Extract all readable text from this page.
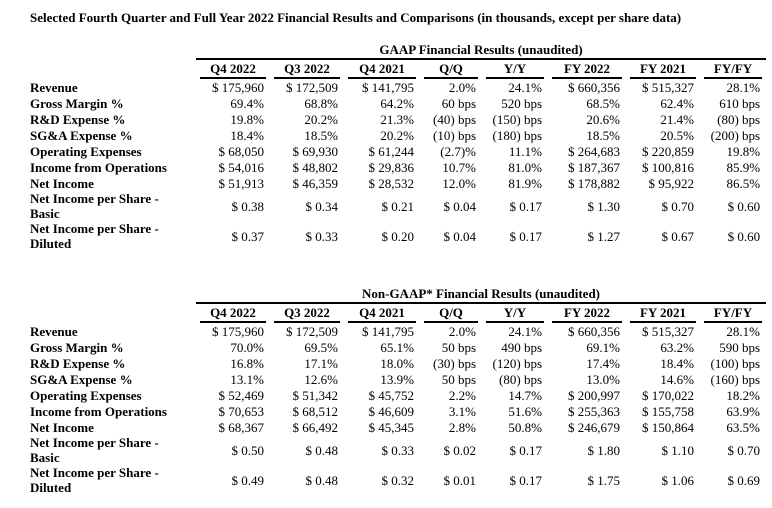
Selected Fourth Quarter and Full Year 2022 Financial Results and Comparisons (in thousands, except per share data)

	GAAP Financial Results (unaudited)							

	Q4 2022	Q3 2022	Q4 2021	Q/Q	Y/Y	FY 2022	FY 2021	FY/FY

Revenue	$ 175,960	$ 172,509	$ 141,795	2.0%	24.1%	$ 660,356	$ 515,327	28.1%
Gross Margin %	69.4%	68.8%	64.2%	60 bps	520 bps	68.5%	62.4%	610 bps
R&D Expense %	19.8%	20.2%	21.3%	(40) bps	(150) bps	20.6%	21.4%	(80) bps
SG&A Expense %	18.4%	18.5%	20.2%	(10) bps	(180) bps	18.5%	20.5%	(200) bps
Operating Expenses	$ 68,050	$ 69,930	$ 61,244	(2.7)%	11.1%	$ 264,683	$ 220,859	19.8%
Income from Operations	$ 54,016	$ 48,802	$ 29,836	10.7%	81.0%	$ 187,367	$ 100,816	85.9%
Net Income	$ 51,913	$ 46,359	$ 28,532	12.0%	81.9%	$ 178,882	$ 95,922	86.5%
Net Income per Share - Basic	$ 0.38	$ 0.34	$ 0.21	$ 0.04	$ 0.17	$ 1.30	$ 0.70	$ 0.60
Net Income per Share - Diluted	$ 0.37	$ 0.33	$ 0.20	$ 0.04	$ 0.17	$ 1.27	$ 0.67	$ 0.60

	Non-GAAP* Financial Results (unaudited)							

	Q4 2022	Q3 2022	Q4 2021	Q/Q	Y/Y	FY 2022	FY 2021	FY/FY

Revenue	$ 175,960	$ 172,509	$ 141,795	2.0%	24.1%	$ 660,356	$ 515,327	28.1%
Gross Margin %	70.0%	69.5%	65.1%	50 bps	490 bps	69.1%	63.2%	590 bps
R&D Expense %	16.8%	17.1%	18.0%	(30) bps	(120) bps	17.4%	18.4%	(100) bps
SG&A Expense %	13.1%	12.6%	13.9%	50 bps	(80) bps	13.0%	14.6%	(160) bps
Operating Expenses	$ 52,469	$ 51,342	$ 45,752	2.2%	14.7%	$ 200,997	$ 170,022	18.2%
Income from Operations	$ 70,653	$ 68,512	$ 46,609	3.1%	51.6%	$ 255,363	$ 155,758	63.9%
Net Income	$ 68,367	$ 66,492	$ 45,345	2.8%	50.8%	$ 246,679	$ 150,864	63.5%
Net Income per Share - Basic	$ 0.50	$ 0.48	$ 0.33	$ 0.02	$ 0.17	$ 1.80	$ 1.10	$ 0.70
Net Income per Share - Diluted	$ 0.49	$ 0.48	$ 0.32	$ 0.01	$ 0.17	$ 1.75	$ 1.06	$ 0.69
